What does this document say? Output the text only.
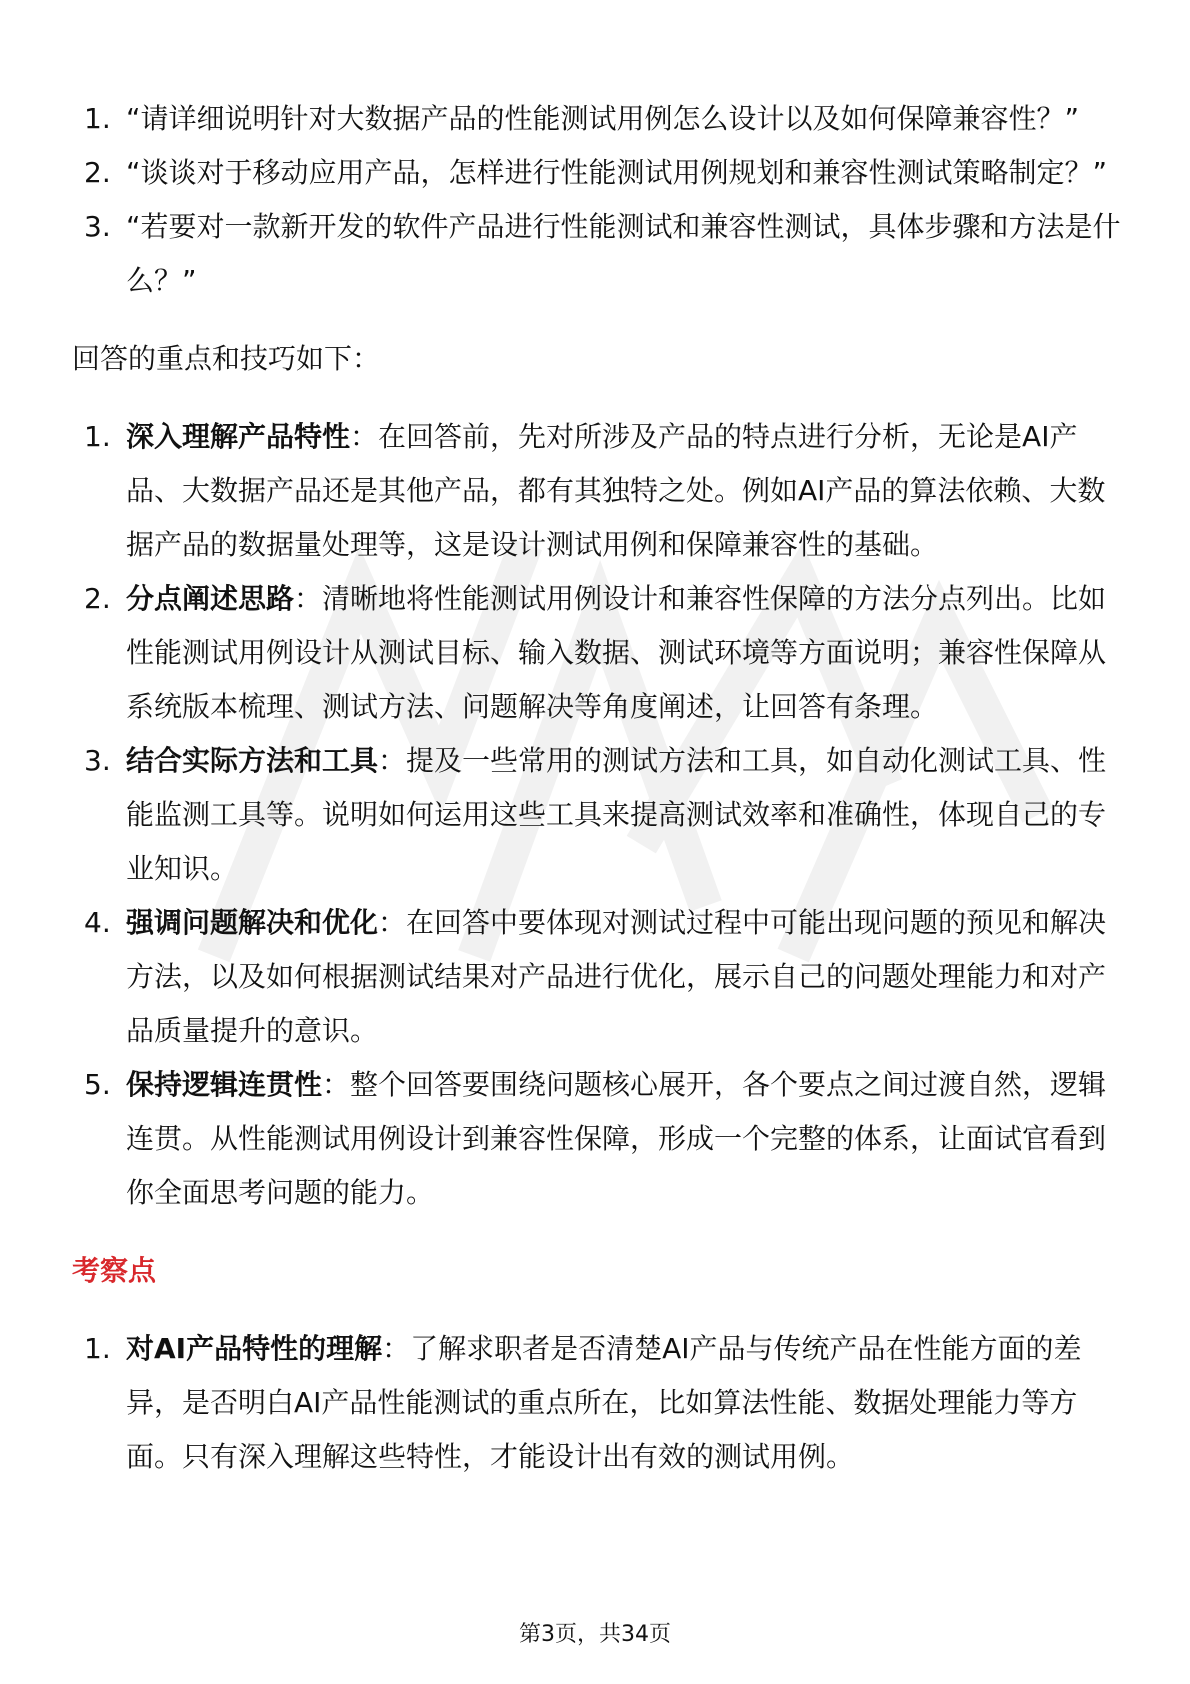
1. “请详细说明针对大数据产品的性能测试用例怎么设计以及如何保障兼容性？”
2. “谈谈对于移动应用产品，怎样进行性能测试用例规划和兼容性测试策略制定？”
3. “若要对一款新开发的软件产品进行性能测试和兼容性测试，具体步骤和方法是什么？”

回答的重点和技巧如下：

1. 深入理解产品特性：在回答前，先对所涉及产品的特点进行分析，无论是AI产品、大数据产品还是其他产品，都有其独特之处。例如AI产品的算法依赖、大数据产品的数据量处理等，这是设计测试用例和保障兼容性的基础。
2. 分点阐述思路：清晰地将性能测试用例设计和兼容性保障的方法分点列出。比如性能测试用例设计从测试目标、输入数据、测试环境等方面说明；兼容性保障从系统版本梳理、测试方法、问题解决等角度阐述，让回答有条理。
3. 结合实际方法和工具：提及一些常用的测试方法和工具，如自动化测试工具、性能监测工具等。说明如何运用这些工具来提高测试效率和准确性，体现自己的专业知识。
4. 强调问题解决和优化：在回答中要体现对测试过程中可能出现问题的预见和解决方法，以及如何根据测试结果对产品进行优化，展示自己的问题处理能力和对产品质量提升的意识。
5. 保持逻辑连贯性：整个回答要围绕问题核心展开，各个要点之间过渡自然，逻辑连贯。从性能测试用例设计到兼容性保障，形成一个完整的体系，让面试官看到你全面思考问题的能力。

考察点

1. 对AI产品特性的理解：了解求职者是否清楚AI产品与传统产品在性能方面的差异，是否明白AI产品性能测试的重点所在，比如算法性能、数据处理能力等方面。只有深入理解这些特性，才能设计出有效的测试用例。
第3页，共34页
